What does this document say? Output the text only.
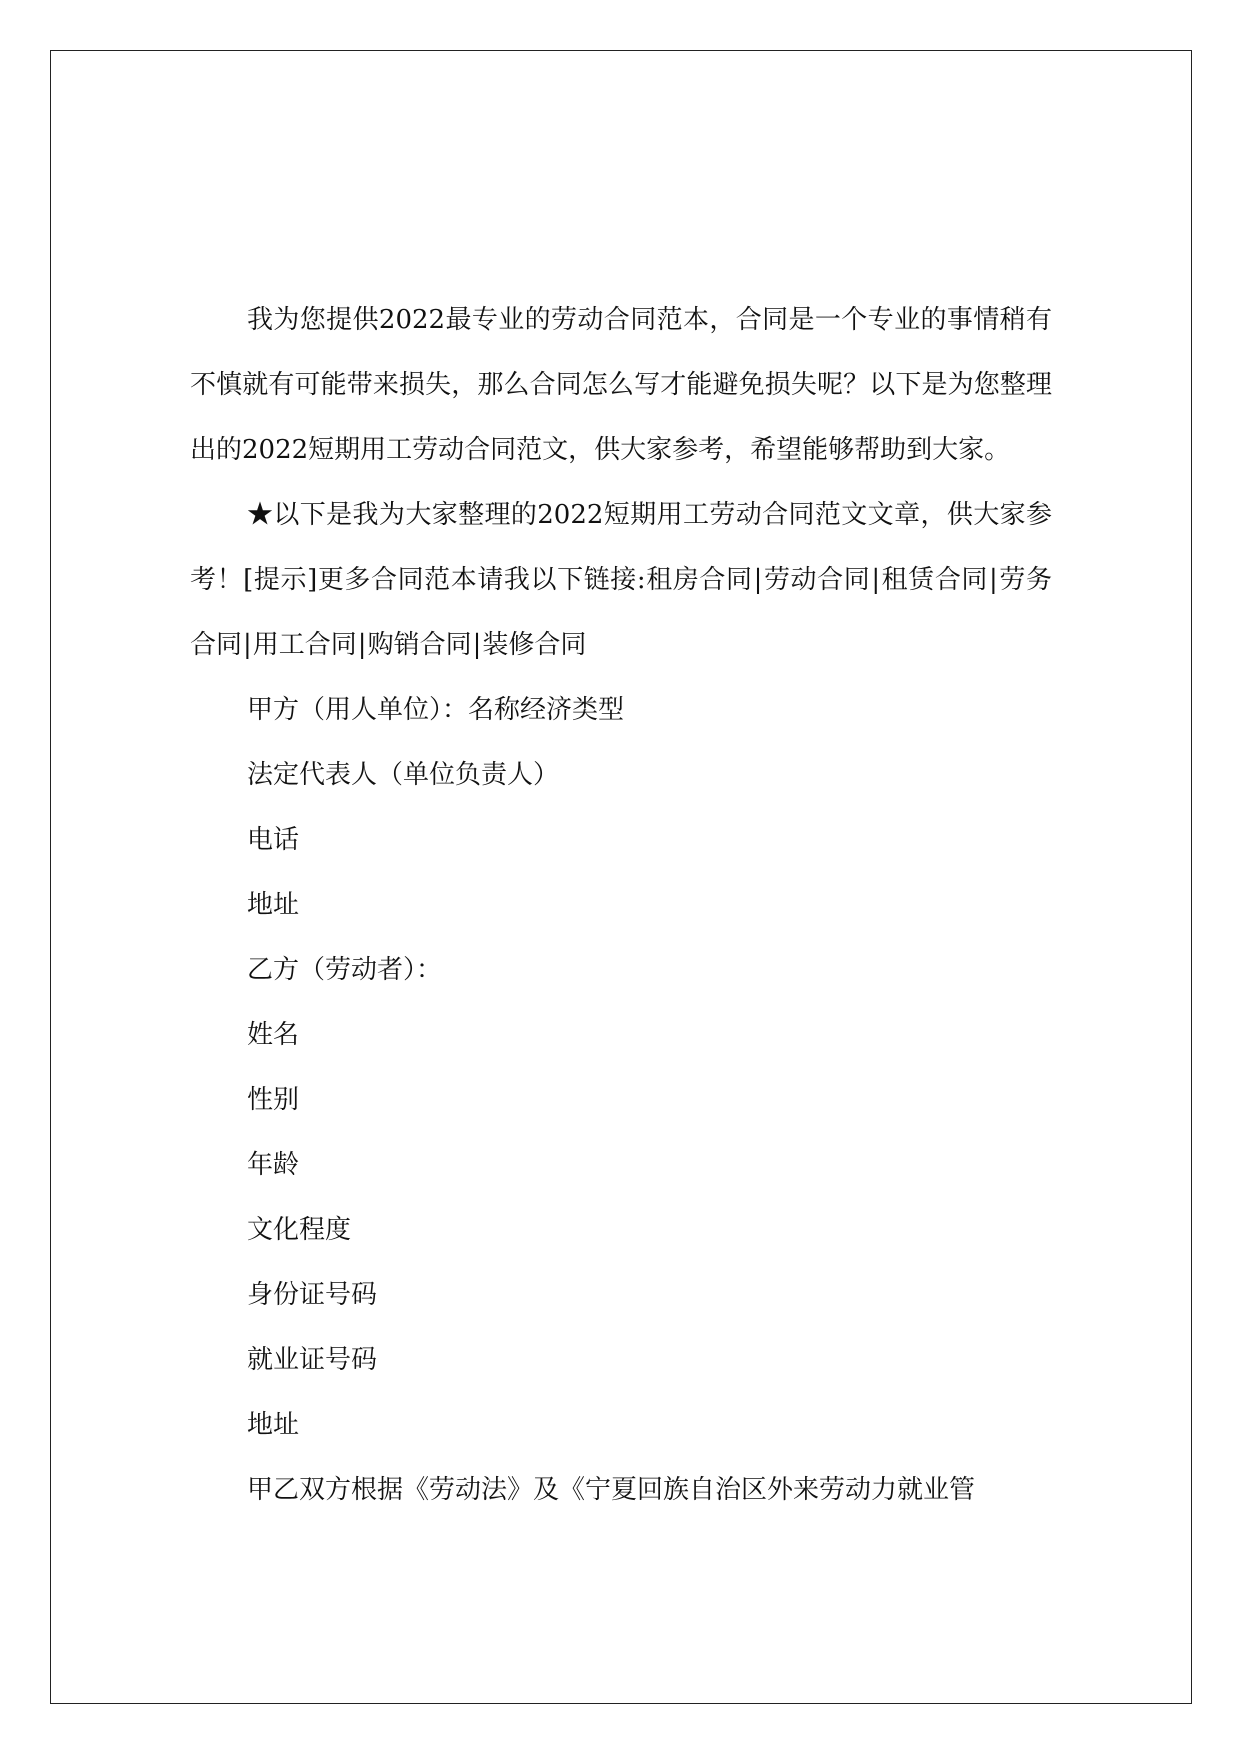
我为您提供2022最专业的劳动合同范本，合同是一个专业的事情稍有不慎就有可能带来损失，那么合同怎么写才能避免损失呢？以下是为您整理出的2022短期用工劳动合同范文，供大家参考，希望能够帮助到大家。

★以下是我为大家整理的2022短期用工劳动合同范文文章，供大家参考！[提示]更多合同范本请我以下链接:租房合同|劳动合同|租赁合同|劳务合同|用工合同|购销合同|装修合同

甲方（用人单位）：名称经济类型

法定代表人（单位负责人）

电话

地址

乙方（劳动者）：

姓名

性别

年龄

文化程度

身份证号码

就业证号码

地址

甲乙双方根据《劳动法》及《宁夏回族自治区外来劳动力就业管
